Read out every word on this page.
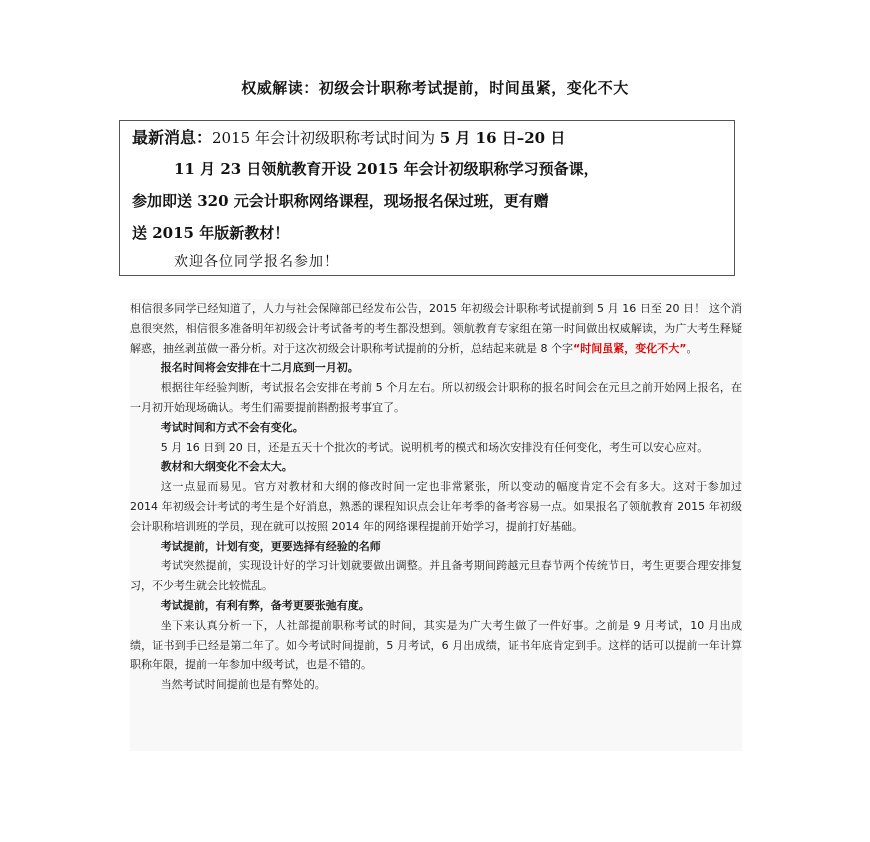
权威解读：初级会计职称考试提前，时间虽紧，变化不大
最新消息：2015 年会计初级职称考试时间为 5 月 16 日–20 日
11 月 23 日领航教育开设 2015 年会计初级职称学习预备课，
参加即送 320 元会计职称网络课程，现场报名保过班，更有赠
送 2015 年版新教材！
欢迎各位同学报名参加！

相信很多同学已经知道了，人力与社会保障部已经发布公告，2015 年初级会计职称考试提前到 5 月 16 日至 20 日！ 这个消息很突然，相信很多准备明年初级会计考试备考的考生都没想到。领航教育专家组在第一时间做出权威解读，为广大考生释疑解惑，抽丝剥茧做一番分析。对于这次初级会计职称考试提前的分析，总结起来就是 8 个字“时间虽紧，变化不大”。

报名时间将会安排在十二月底到一月初。

根据往年经验判断，考试报名会安排在考前 5 个月左右。所以初级会计职称的报名时间会在元旦之前开始网上报名，在一月初开始现场确认。考生们需要提前斟酌报考事宜了。

考试时间和方式不会有变化。

5 月 16 日到 20 日，还是五天十个批次的考试。说明机考的模式和场次安排没有任何变化，考生可以安心应对。

教材和大纲变化不会太大。

这一点显而易见。官方对教材和大纲的修改时间一定也非常紧张，所以变动的幅度肯定不会有多大。这对于参加过 2014 年初级会计考试的考生是个好消息，熟悉的课程知识点会让年考季的备考容易一点。如果报名了领航教育 2015 年初级会计职称培训班的学员，现在就可以按照 2014 年的网络课程提前开始学习，提前打好基础。

考试提前，计划有变，更要选择有经验的名师

考试突然提前，实现设计好的学习计划就要做出调整。并且备考期间跨越元旦春节两个传统节日，考生更要合理安排复习，不少考生就会比较慌乱。

考试提前，有利有弊，备考更要张弛有度。

坐下来认真分析一下，人社部提前职称考试的时间，其实是为广大考生做了一件好事。之前是 9 月考试，10 月出成绩，证书到手已经是第二年了。如今考试时间提前，5 月考试，6 月出成绩，证书年底肯定到手。这样的话可以提前一年计算职称年限，提前一年参加中级考试，也是不错的。

当然考试时间提前也是有弊处的。
